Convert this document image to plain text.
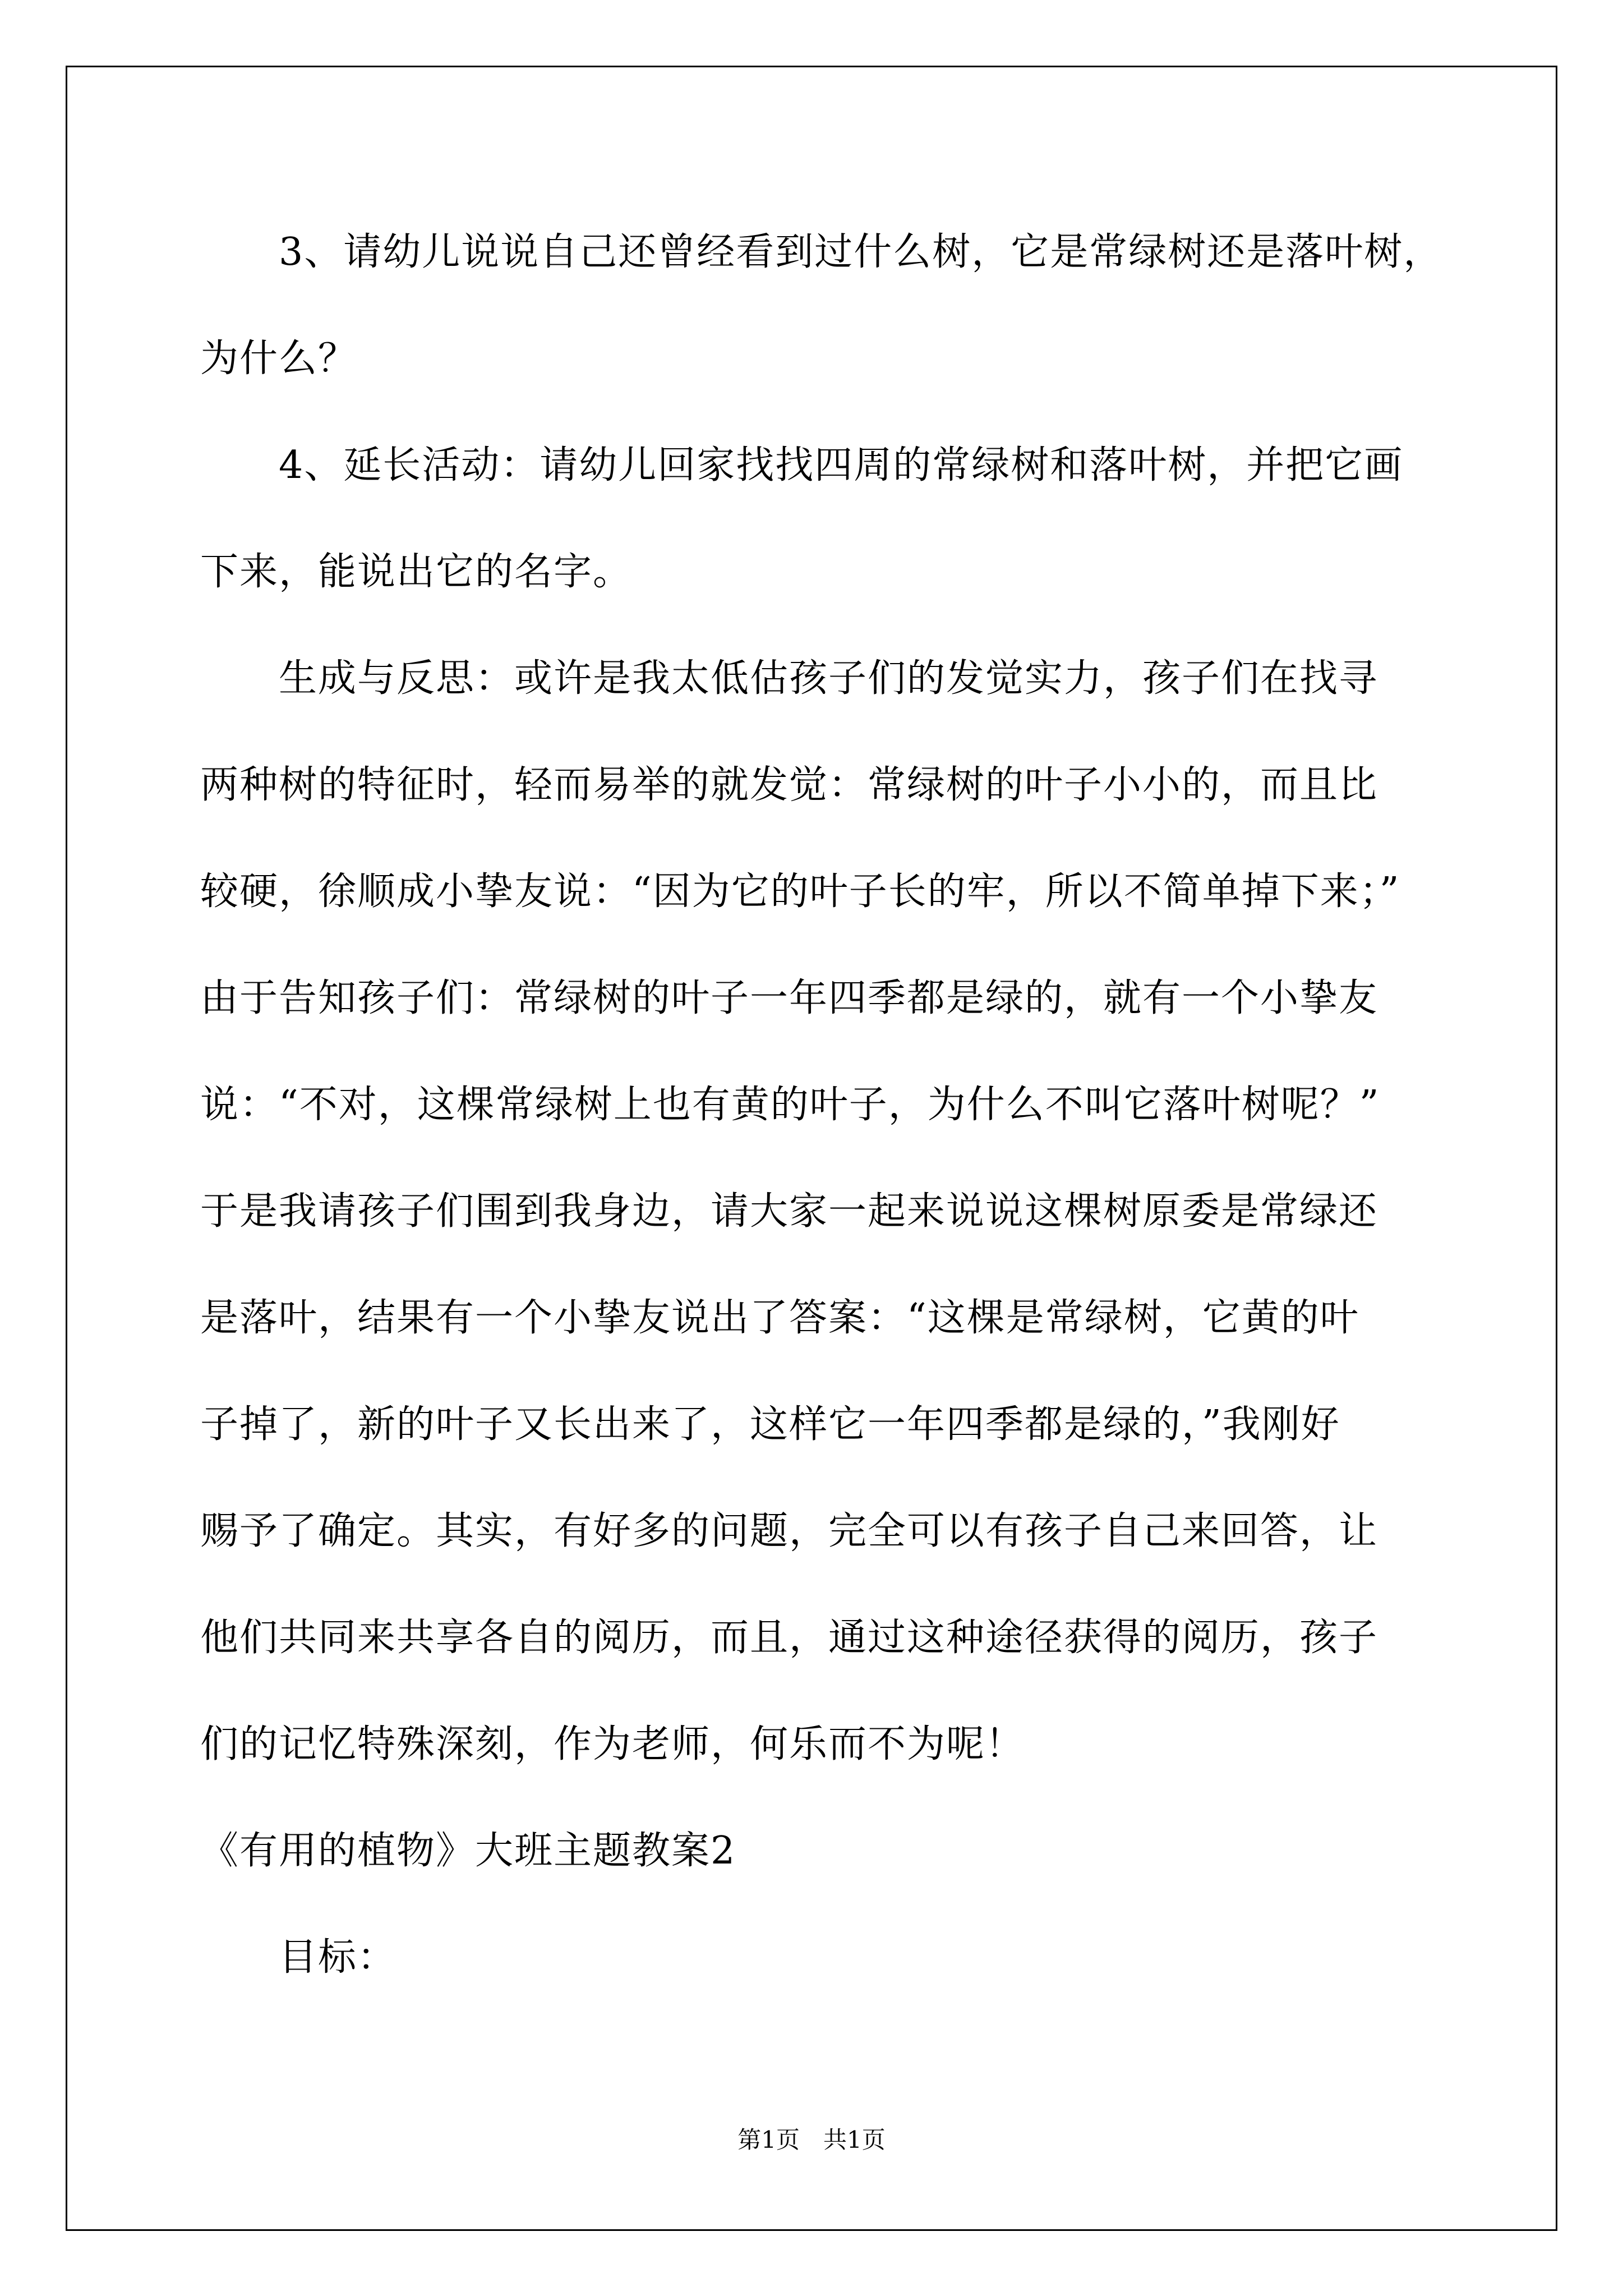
3、请幼儿说说自己还曾经看到过什么树，它是常绿树还是落叶树，
为什么？
4、延长活动：请幼儿回家找找四周的常绿树和落叶树，并把它画
下来，能说出它的名字。
生成与反思：或许是我太低估孩子们的发觉实力，孩子们在找寻
两种树的特征时，轻而易举的就发觉：常绿树的叶子小小的，而且比
较硬，徐顺成小挚友说：“因为它的叶子长的牢，所以不简单掉下来；”
由于告知孩子们：常绿树的叶子一年四季都是绿的，就有一个小挚友
说：“不对，这棵常绿树上也有黄的叶子，为什么不叫它落叶树呢？”
于是我请孩子们围到我身边，请大家一起来说说这棵树原委是常绿还
是落叶，结果有一个小挚友说出了答案：“这棵是常绿树，它黄的叶
子掉了，新的叶子又长出来了，这样它一年四季都是绿的，”我刚好
赐予了确定。其实，有好多的问题，完全可以有孩子自己来回答，让
他们共同来共享各自的阅历，而且，通过这种途径获得的阅历，孩子
们的记忆特殊深刻，作为老师，何乐而不为呢！
《有用的植物》大班主题教案2
目标：
第1页　共1页
